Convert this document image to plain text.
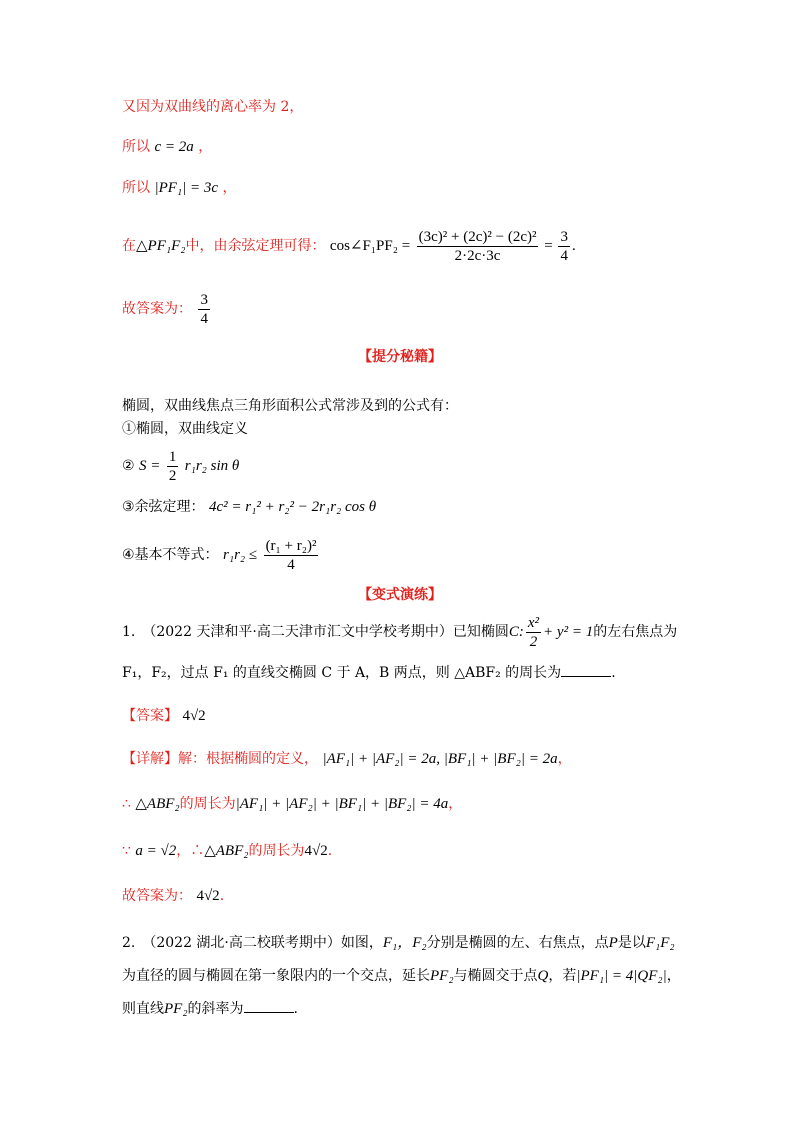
又因为双曲线的离心率为 2，
所以 c = 2a ，
所以 |PF₁| = 3c ，
在△PF₁F₂中，由余弦定理可得： cos∠F₁PF₂ = $\frac{\text{(3c)² + (2c)² − (2c)²}}{2\cdot 2c\cdot 3c} = \frac{3}{4}$ .
故答案为： $\frac{3}{4}$
【提分秘籍】
椭圆，双曲线焦点三角形面积公式常涉及到的公式有：
①椭圆，双曲线定义
② $S = \frac{1}{2} r_1r_2$ sin θ
③余弦定理： 4c² = r₁² + r₂² − 2r₁r₂ cos θ
④基本不等式： $r_1r_2 \le \frac{\text{(r₁ + r₂)²}}{4}$
【变式演练】
1.　（2022 天津和平·高二天津市汇文中学校考期中）已知椭圆C: $\frac{\text{x²}}{2} + y^2 = 1$的左右焦点为
F₁，F₂，过点 F₁ 的直线交椭圆 C 于 A，B 两点，则 △ABF₂ 的周长为	.
【答案】 4√2
【详解】解：根据椭圆的定义， |AF₁| + |AF₂| = 2a, |BF₁| + |BF₂| = 2a，
∴ △ABF₂的周长为|AF₁| + |AF₂| + |BF₁| + |BF₂| = 4a，
∵ a = √2，∴△ABF₂的周长为4√2.
故答案为： 4√2.
2.　（2022 湖北·高二校联考期中）如图，F₁，F₂分别是椭圆的左、右焦点，点P是以F₁F₂
为直径的圆与椭圆在第一象限内的一个交点，延长PF₂与椭圆交于点Q，若|PF₁| = 4|QF₂|，
则直线PF₂的斜率为	.
